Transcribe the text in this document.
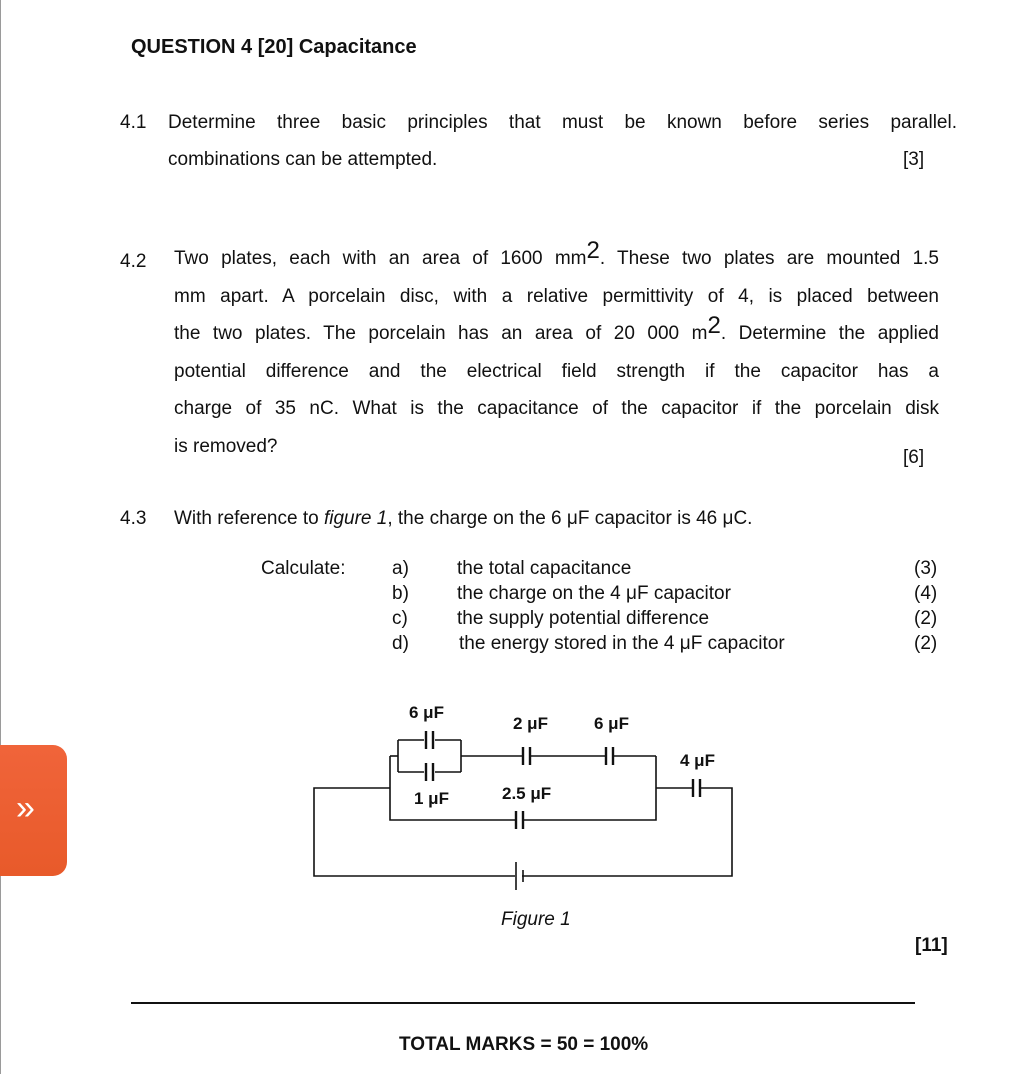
QUESTION 4 [20] Capacitance
4.1 Determine three basic principles that must be known before series parallel.
combinations can be attempted.	[3]
4.2 Two plates, each with an area of 1600 $mm^2$. These two plates are mounted 1.5
mm apart. A porcelain disc, with a relative permittivity of 4, is placed between
the two plates. The porcelain has an area of 20 000 $m^2$. Determine the applied
potential difference and the electrical field strength if the capacitor has a
charge of 35 nC. What is the capacitance of the capacitor if the porcelain disk
is removed?
[6]
4.3 With reference to figure 1, the charge on the 6 μF capacitor is 46 μC.
Calculate: a)	the total capacitance	(3)
b)	the charge on the 4 μF capacitor	(4)
c)	the supply potential difference	(2)
d)	the energy stored in the 4 μF capacitor	(2)
6 μF
2 μF	6 μF
4 μF
1 μF	2.5 μF
Figure 1
[11]
TOTAL MARKS = 50 = 100%
»
